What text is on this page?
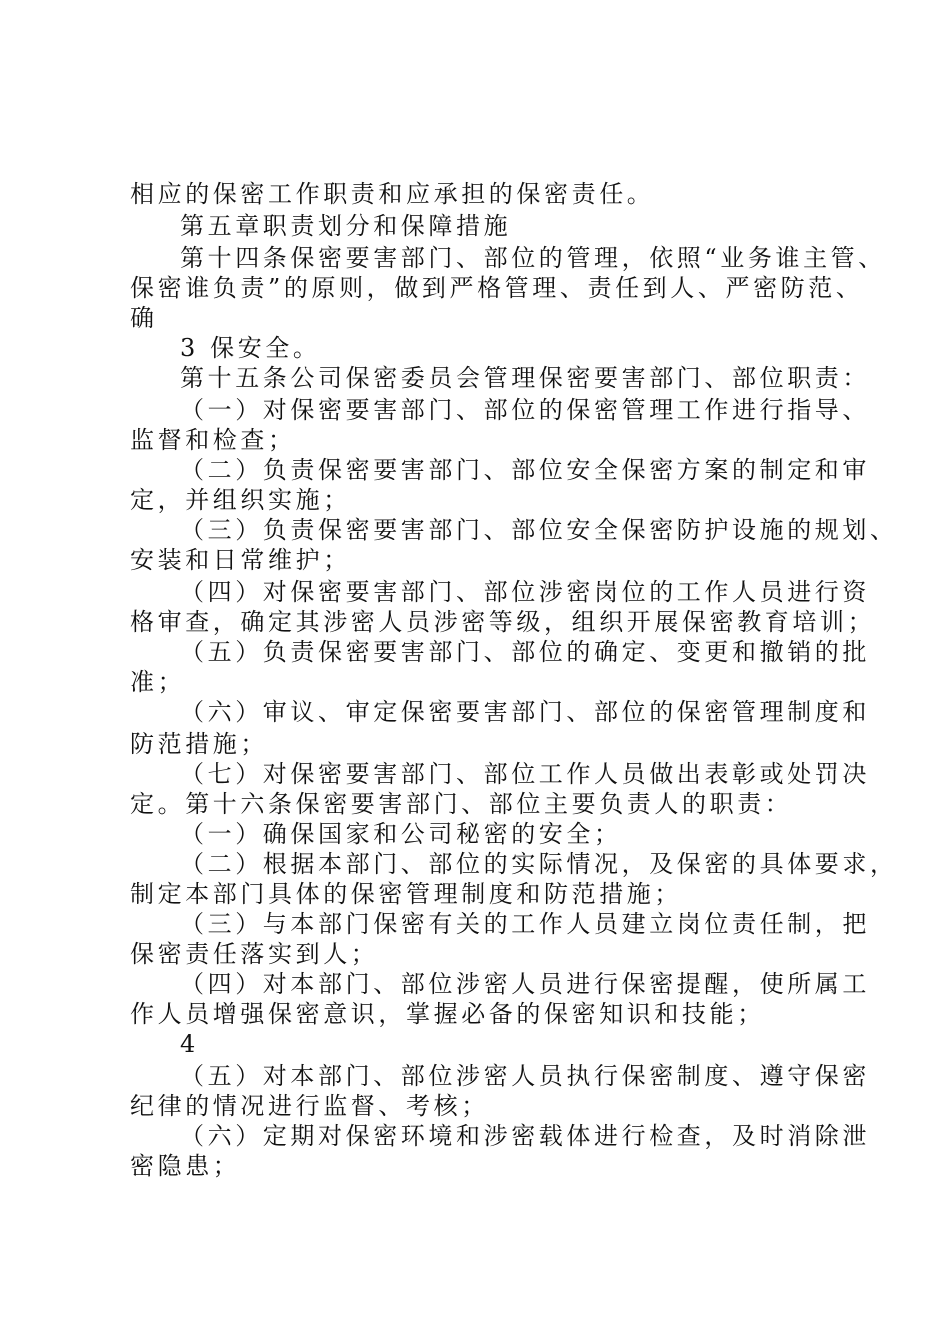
相应的保密工作职责和应承担的保密责任。
第五章职责划分和保障措施
第十四条保密要害部门、部位的管理，依照“业务谁主管、
保密谁负责”的原则，做到严格管理、责任到人、严密防范、
确
3 保安全。
第十五条公司保密委员会管理保密要害部门、部位职责：
（一）对保密要害部门、部位的保密管理工作进行指导、
监督和检查；
（二）负责保密要害部门、部位安全保密方案的制定和审
定，并组织实施；
（三）负责保密要害部门、部位安全保密防护设施的规划、
安装和日常维护；
（四）对保密要害部门、部位涉密岗位的工作人员进行资
格审查，确定其涉密人员涉密等级，组织开展保密教育培训；
（五）负责保密要害部门、部位的确定、变更和撤销的批
准；
（六）审议、审定保密要害部门、部位的保密管理制度和
防范措施；
（七）对保密要害部门、部位工作人员做出表彰或处罚决
定。第十六条保密要害部门、部位主要负责人的职责：
（一）确保国家和公司秘密的安全；
（二）根据本部门、部位的实际情况，及保密的具体要求，
制定本部门具体的保密管理制度和防范措施；
（三）与本部门保密有关的工作人员建立岗位责任制，把
保密责任落实到人；
（四）对本部门、部位涉密人员进行保密提醒，使所属工
作人员增强保密意识，掌握必备的保密知识和技能；
4
（五）对本部门、部位涉密人员执行保密制度、遵守保密
纪律的情况进行监督、考核；
（六）定期对保密环境和涉密载体进行检查，及时消除泄
密隐患；
